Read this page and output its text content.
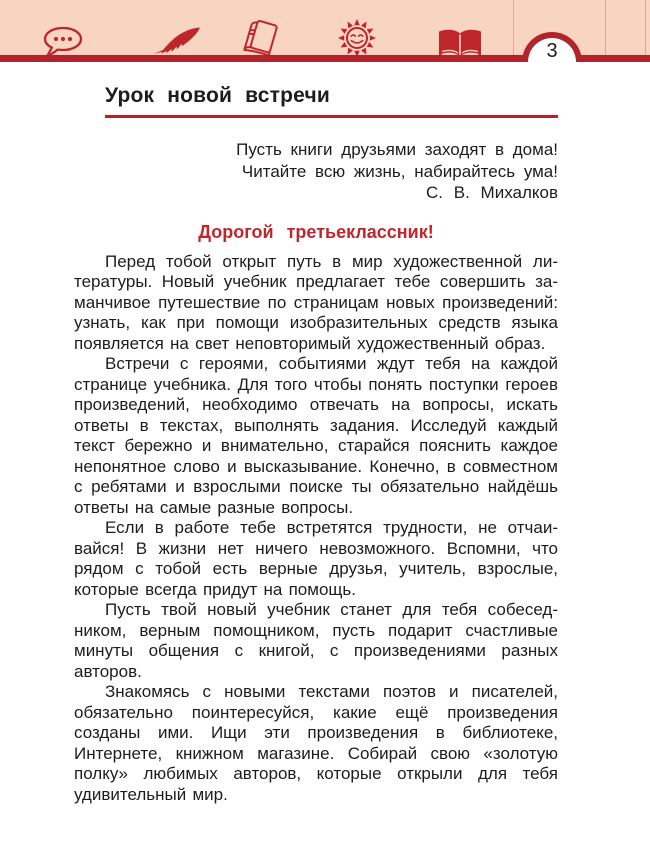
3
Урок новой встречи
Пусть книги друзьями заходят в дома!
Читайте всю жизнь, набирайтесь ума!
С. В. Михалков
Дорогой третьеклассник!

Перед тобой открыт путь в мир художественной литературы. Новый учебник предлагает тебе совершить заманчивое путешествие по страницам новых произведений: узнать, как при помощи изобразительных средств языка появляется на свет неповторимый художественный образ.

Встречи с героями, событиями ждут тебя на каждой странице учебника. Для того чтобы понять поступки героев произведений, необходимо отвечать на вопросы, искать ответы в текстах, выполнять задания. Исследуй каждый текст бережно и внимательно, старайся пояснить каждое непонятное слово и высказывание. Конечно, в совместном с ребятами и взрослыми поиске ты обязательно найдёшь ответы на самые разные вопросы.

Если в работе тебе встретятся трудности, не отчаивайся! В жизни нет ничего невозможного. Вспомни, что рядом с тобой есть верные друзья, учитель, взрослые, которые всегда придут на помощь.

Пусть твой новый учебник станет для тебя собеседником, верным помощником, пусть подарит счастливые минуты общения с книгой, с произведениями разных авторов.

Знакомясь с новыми текстами поэтов и писателей, обязательно поинтересуйся, какие ещё произведения созданы ими. Ищи эти произведения в библиотеке, Интернете, книжном магазине. Собирай свою «золотую полку» любимых авторов, которые открыли для тебя удивительный мир.
